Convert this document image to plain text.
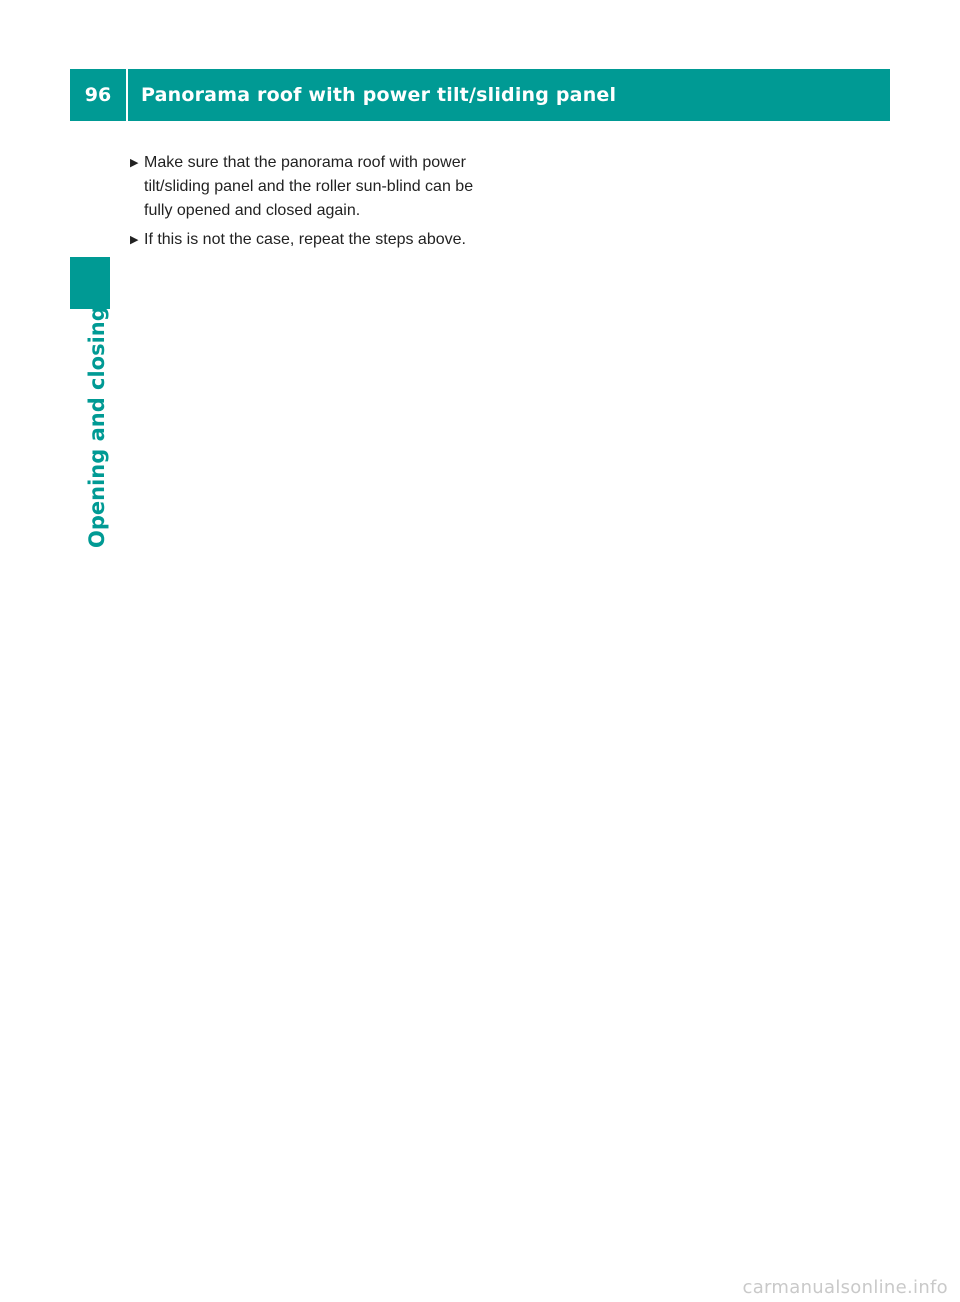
96	Panorama roof with power tilt/sliding panel
Opening and closing
▶ Make sure that the panorama roof with power tilt/sliding panel and the roller sun-blind can be fully opened and closed again.
▶ If this is not the case, repeat the steps above.
carmanualsonline.info
